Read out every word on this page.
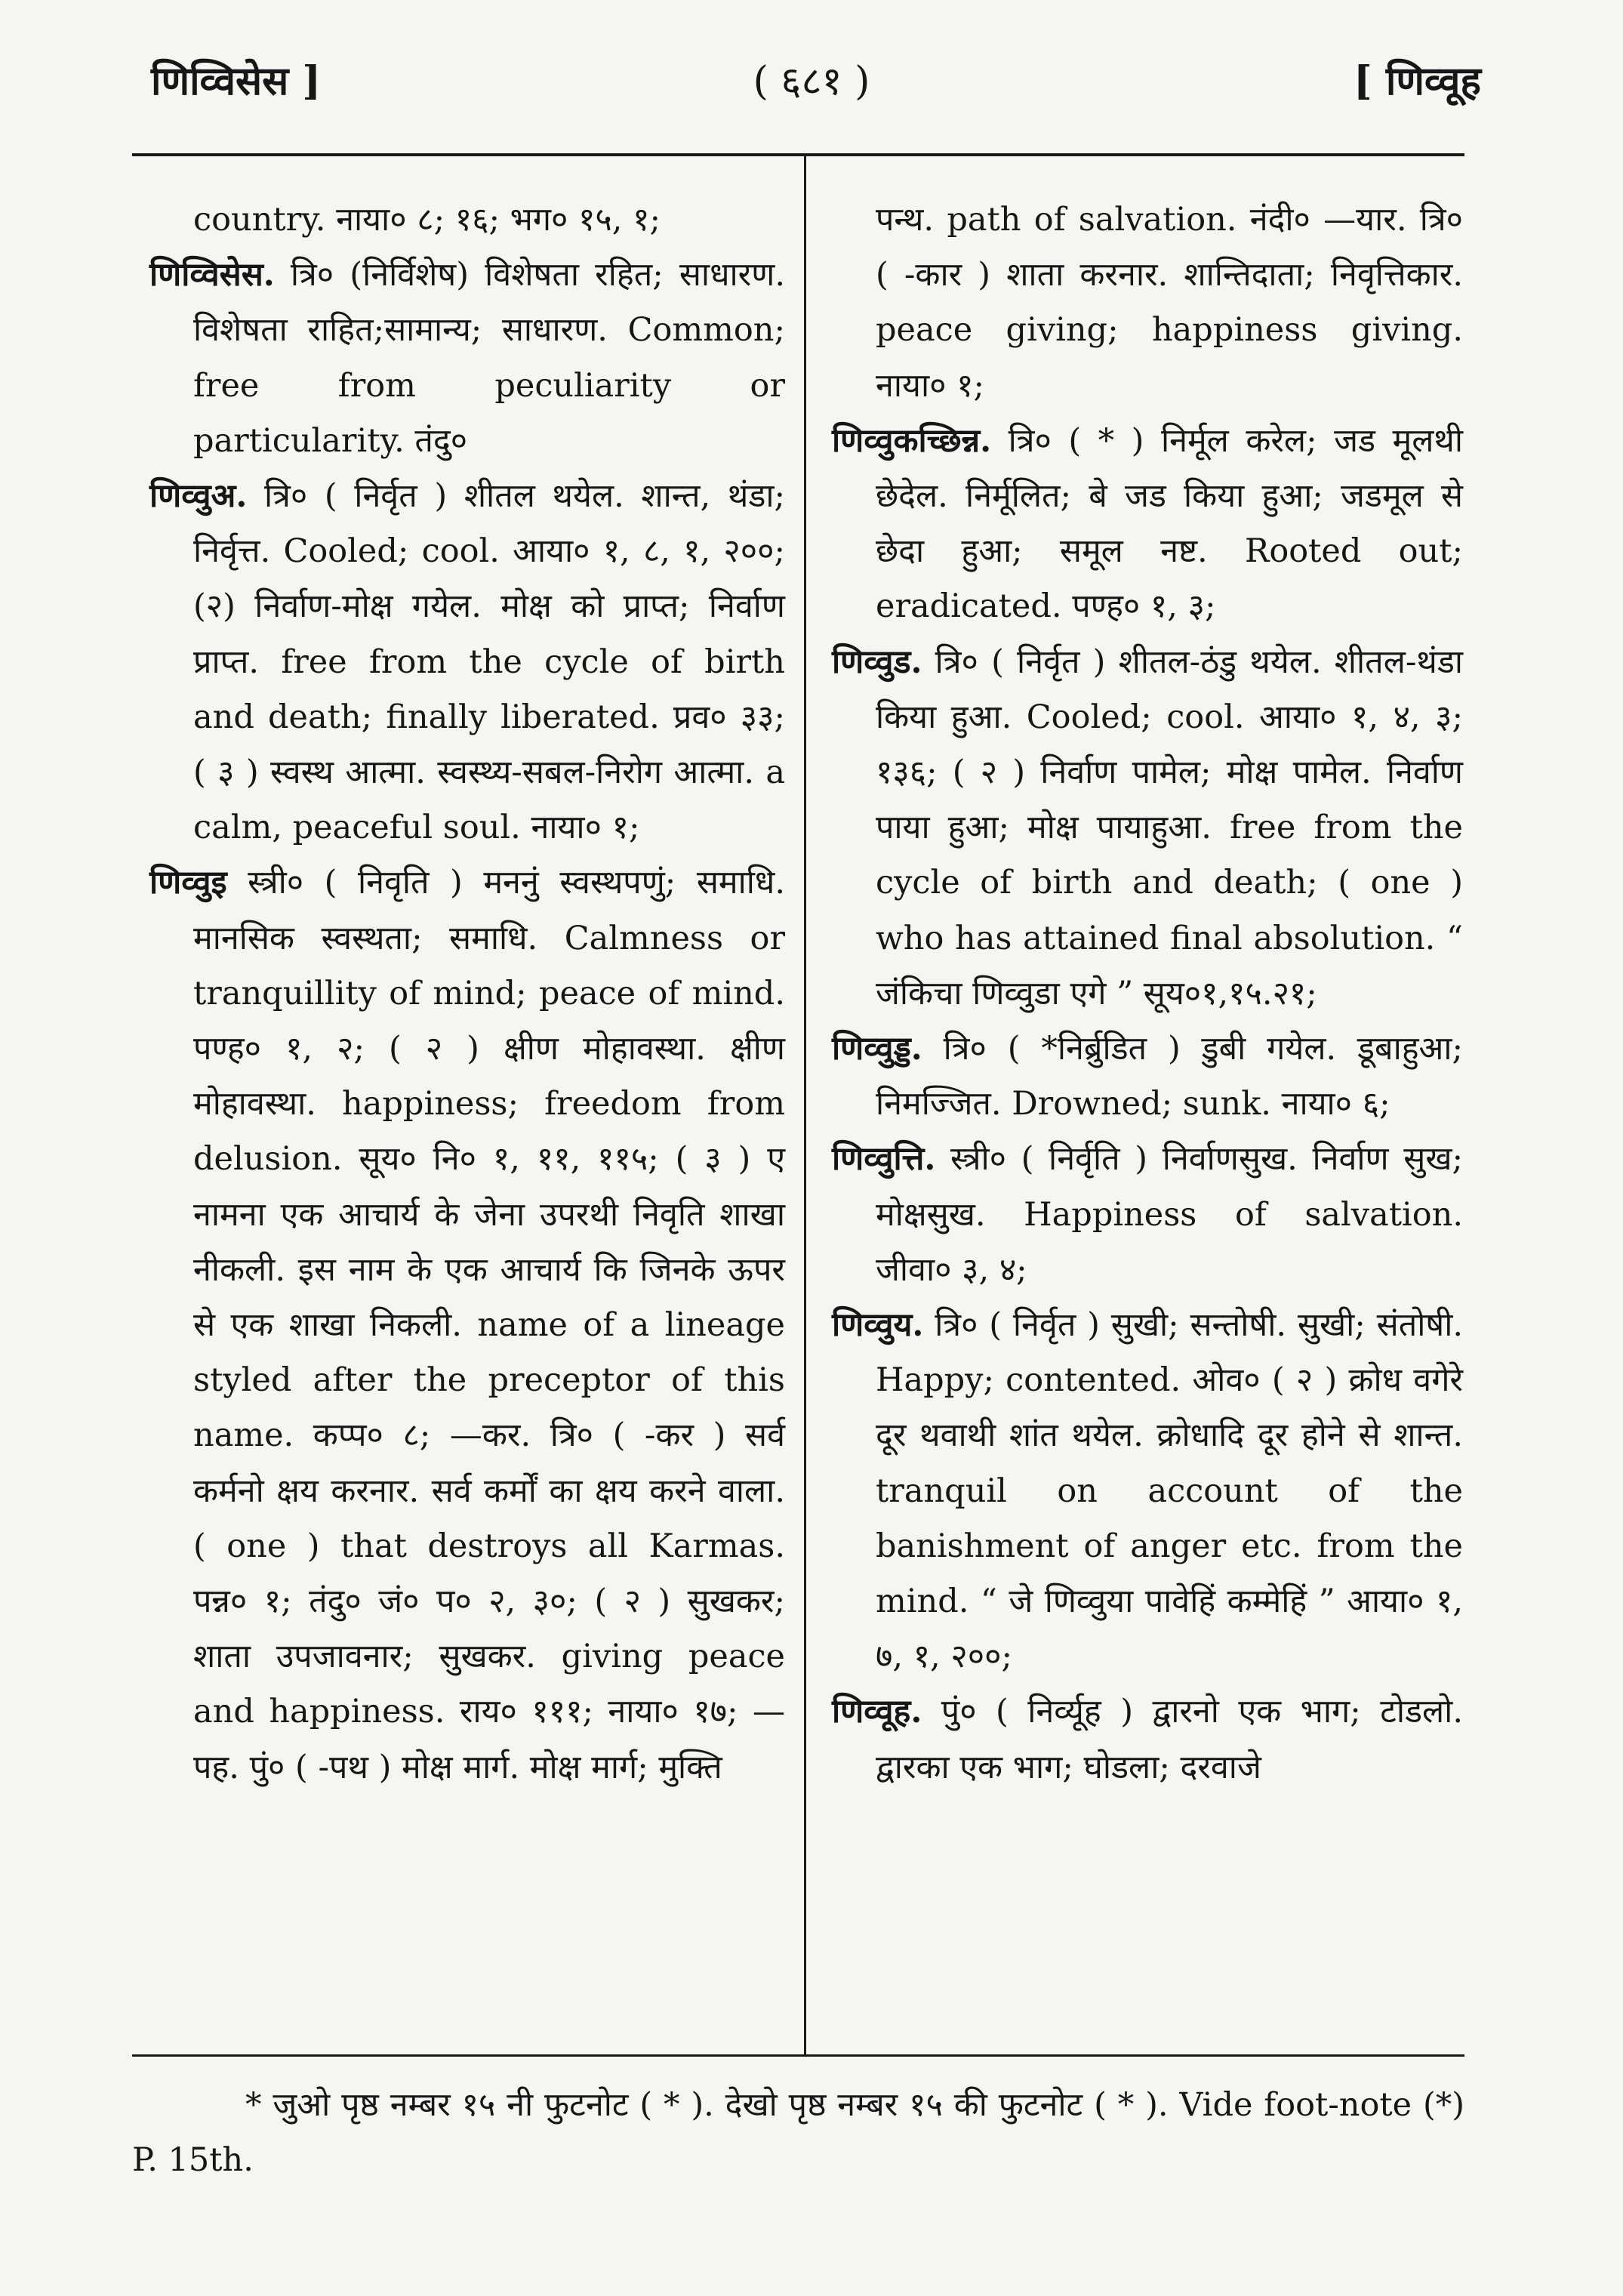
णिव्विसेस ]	( ६८१ )	[ णिव्वूह

country. नाया० ८; १६; भग० १५, १;

णिव्विसेस. त्रि० (निर्विशेष) विशेषता रहित; साधारण. विशेषता राहित;सामान्य; साधारण. Common; free from peculiarity or particularity. तंदु०

णिव्वुअ. त्रि० ( निर्वृत ) शीतल थयेल. शान्त, थंडा; निर्वृत्त. Cooled; cool. आया० १, ८, १, २००; (२) निर्वाण-मोक्ष गयेल. मोक्ष को प्राप्त; निर्वाण प्राप्त. free from the cycle of birth and death; finally liberated. प्रव० ३३; ( ३ ) स्वस्थ आत्मा. स्वस्थ्य-सबल-निरोग आत्मा. a calm, peaceful soul. नाया० १;

णिव्वुइ स्त्री० ( निवृति ) मननुं स्वस्थपणुं; समाधि. मानसिक स्वस्थता; समाधि. Calmness or tranquillity of mind; peace of mind. पण्ह० १, २; ( २ ) क्षीण मोहावस्था. क्षीण मोहावस्था. happiness; freedom from delusion. सूय० नि० १, ११, ११५; ( ३ ) ए नामना एक आचार्य के जेना उपरथी निवृति शाखा नीकली. इस नाम के एक आचार्य कि जिनके ऊपर से एक शाखा निकली. name of a lineage styled after the preceptor of this name. कप्प० ८; —कर. त्रि० ( -कर ) सर्व कर्मनो क्षय करनार. सर्व कर्मों का क्षय करने वाला. ( one ) that destroys all Karmas. पन्न० १; तंदु० जं० प० २, ३०; ( २ ) सुखकर; शाता उपजावनार; सुखकर. giving peace and happiness. राय० १११; नाया० १७; —पह. पुं० ( -पथ ) मोक्ष मार्ग. मोक्ष मार्ग; मुक्ति

पन्थ. path of salvation. नंदी० —यार. त्रि० ( -कार ) शाता करनार. शान्तिदाता; निवृत्तिकार. peace giving; happiness giving. नाया० १;

णिव्वुकच्छिन्न. त्रि० ( * ) निर्मूल करेल; जड मूलथी छेदेल. निर्मूलित; बे जड किया हुआ; जडमूल से छेदा हुआ; समूल नष्ट. Rooted out; eradicated. पण्ह० १, ३;

णिव्वुड. त्रि० ( निर्वृत ) शीतल-ठंडु थयेल. शीतल-थंडा किया हुआ. Cooled; cool. आया० १, ४, ३; १३६; ( २ ) निर्वाण पामेल; मोक्ष पामेल. निर्वाण पाया हुआ; मोक्ष पायाहुआ. free from the cycle of birth and death; ( one ) who has attained final absolution. “ जंकिचा णिव्वुडा एगे ” सूय०१,१५.२१;

णिव्वुड्ड. त्रि० ( *निर्ब्रुडित ) डुबी गयेल. डूबाहुआ; निमज्जित. Drowned; sunk. नाया० ६;

णिव्वुत्ति. स्त्री० ( निर्वृति ) निर्वाणसुख. निर्वाण सुख; मोक्षसुख. Happiness of salvation. जीवा० ३, ४;

णिव्वुय. त्रि० ( निर्वृत ) सुखी; सन्तोषी. सुखी; संतोषी. Happy; contented. ओव० ( २ ) क्रोध वगेरे दूर थवाथी शांत थयेल. क्रोधादि दूर होने से शान्त. tranquil on account of the banishment of anger etc. from the mind. “ जे णिव्वुया पावेहिं कम्मेहिं ” आया० १, ७, १, २००;

णिव्वूह. पुं० ( निर्व्यूह ) द्वारनो एक भाग; टोडलो. द्वारका एक भाग; घोडला; दरवाजे

* जुओ पृष्ठ नम्बर १५ नी फुटनोट ( * ). देखो पृष्ठ नम्बर १५ की फुटनोट ( * ). Vide foot-note (*) P. 15th.
